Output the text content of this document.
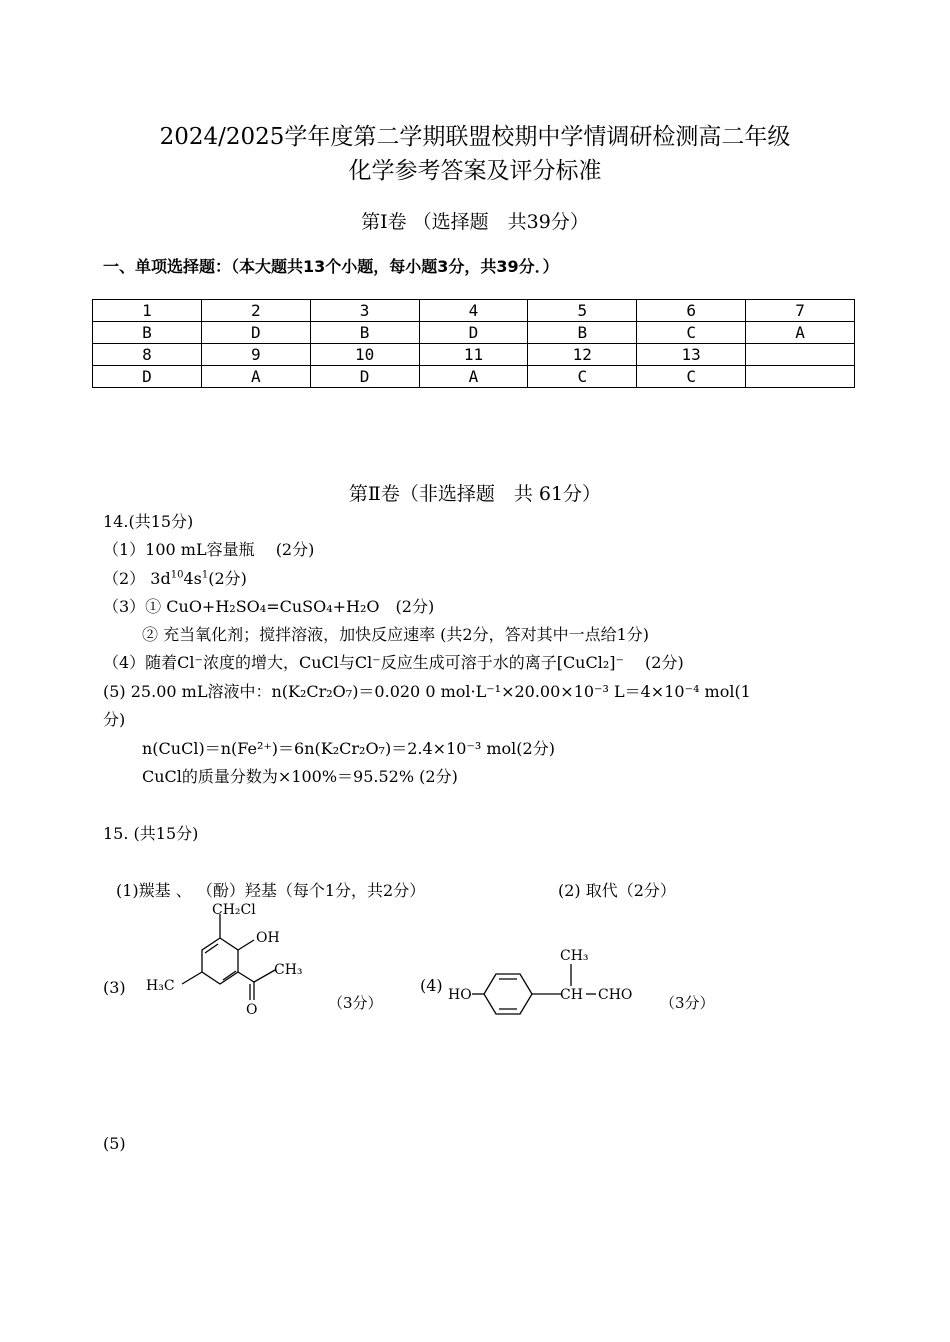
2024/2025学年度第二学期联盟校期中学情调研检测高二年级
化学参考答案及评分标准
第Ⅰ卷 （选择题　共39分）
一、单项选择题：（本大题共13个小题，每小题3分，共39分．）
1	2	3	4	5	6	7
B	D	B	D	B	C	A
8	9	10	11	12	13	
D	A	D	A	C	C	
第Ⅱ卷（非选择题　共 61分）
14.(共15分)
（1）100 mL容量瓶　 (2分)
（2） $3d^{10}4s^1(2$分)
（3）① CuO+H₂SO₄=CuSO₄+H₂O　(2分)
② 充当氧化剂；搅拌溶液，加快反应速率 (共2分，答对其中一点给1分)
（4）随着Cl⁻浓度的增大，CuCl与Cl⁻反应生成可溶于水的离子[CuCl₂]⁻　 (2分)
(5) 25.00 mL溶液中：n(K₂Cr₂O₇)＝0.020 0 mol·L⁻¹×20.00×10⁻³ L＝4×10⁻⁴ mol(1
分)
n(CuCl)＝n(Fe²⁺)＝6n(K₂Cr₂O₇)＝2.4×10⁻³ mol(2分)
CuCl的质量分数为×100%＝95.52% (2分)
15. (共15分)
(1)羰基 、 （酚）羟基（每个1分，共2分）	(2) 取代（2分）
(3)
CH₂Cl
OH
CH₃
H₃C
O	（3分）
(4) HO
CH₃
CH CHO （3分）
(5)
